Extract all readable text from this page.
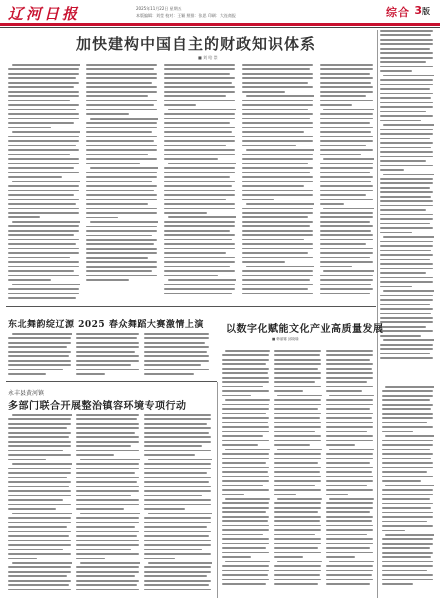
辽河日报	2025年11月22日 星期五
本版编辑：刘莹 校对：王颖 照排：张思 印刷：大连商报	综合 3版
加快建构中国自主的财政知识体系
■ 刘 哈 崇
东北舞韵绽辽源 2025 春众舞蹈大赛激情上演 以数字化赋能文化产业高质量发展
■ 韩丽娜 邱晓瑜
永丰县黄河镇
多部门联合开展整治镇容环境专项行动
